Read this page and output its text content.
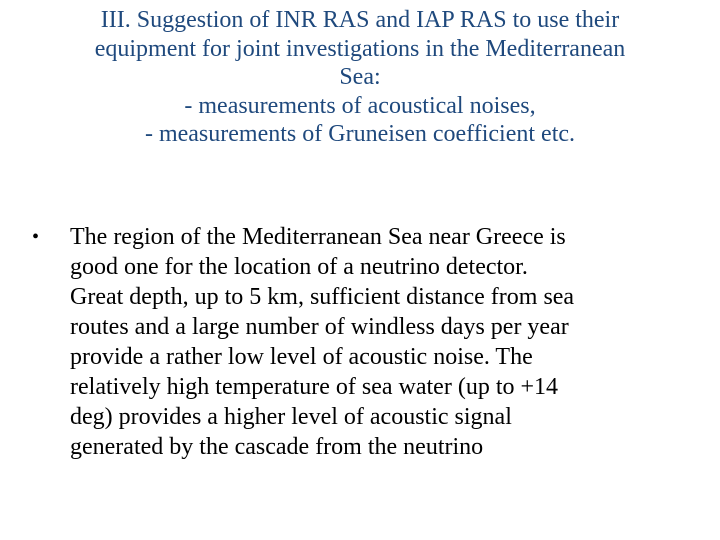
III. Suggestion of INR RAS and IAP RAS to use their
equipment for joint investigations in the Mediterranean
Sea:
- measurements of acoustical noises,
- measurements of Gruneisen coefficient etc.
•	The region of the Mediterranean Sea near Greece is
good one for the location of a neutrino detector.
Great depth, up to 5 km, sufficient distance from sea
routes and a large number of windless days per year
provide a rather low level of acoustic noise. The
relatively high temperature of sea water (up to +14
deg) provides a higher level of acoustic signal
generated by the cascade from the neutrino
